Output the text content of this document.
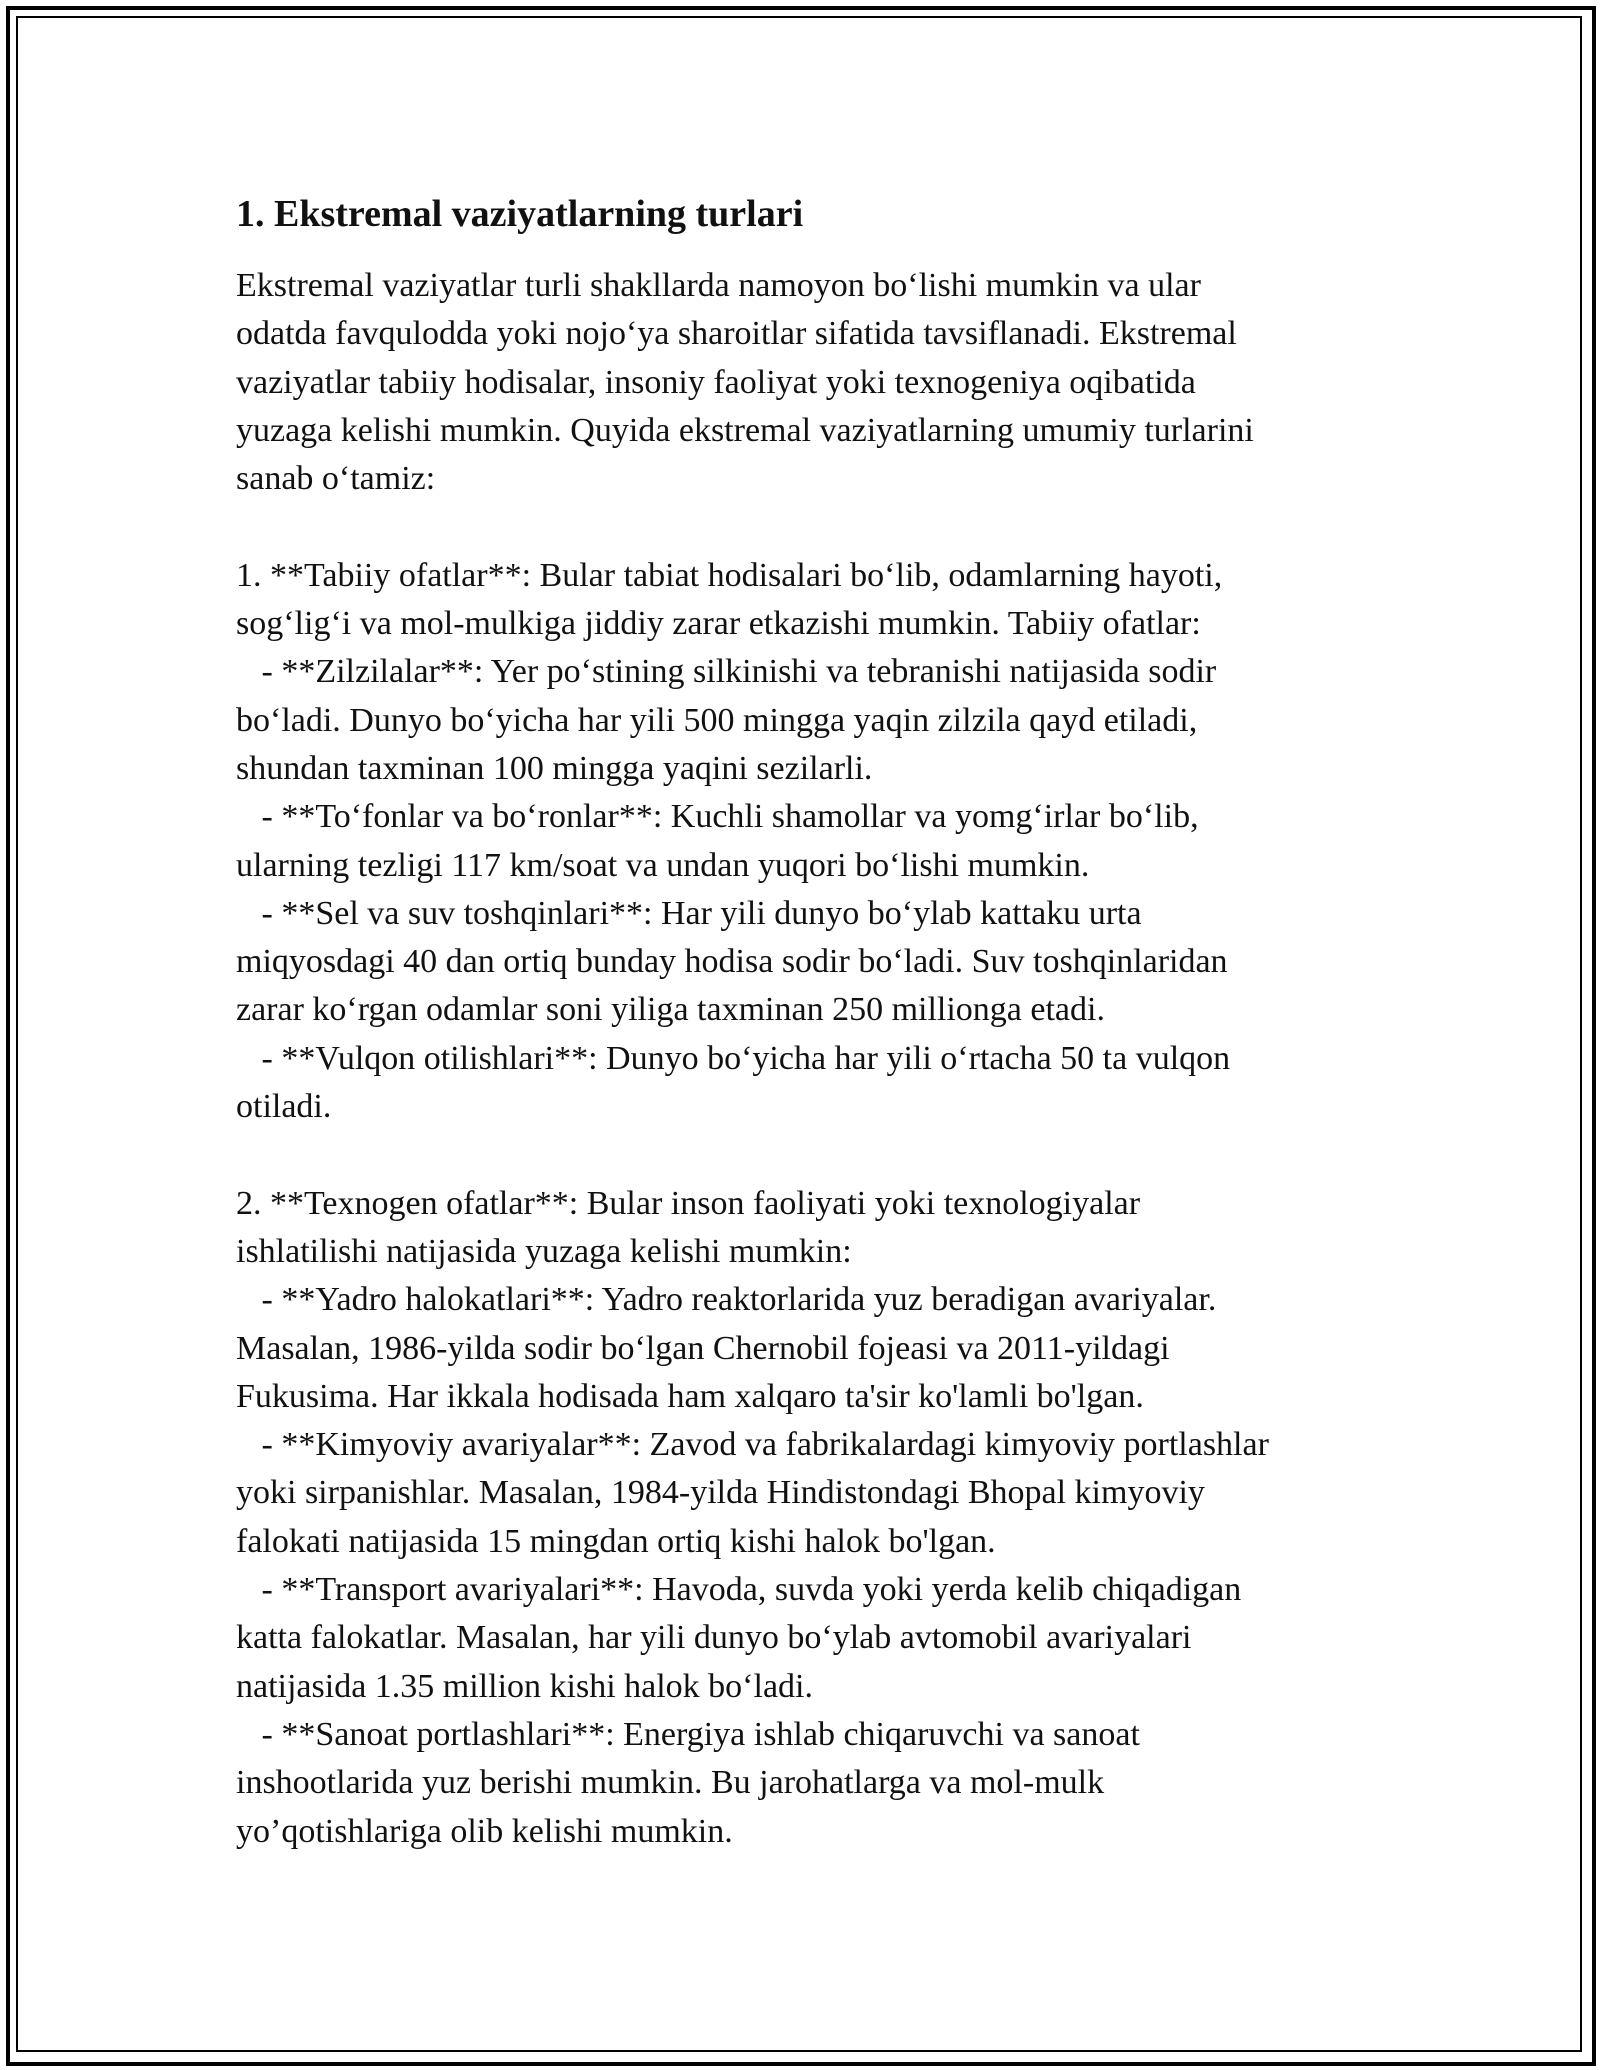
1. Ekstremal vaziyatlarning turlari
Ekstremal vaziyatlar turli shakllarda namoyon bo‘lishi mumkin va ular
odatda favqulodda yoki nojo‘ya sharoitlar sifatida tavsiflanadi. Ekstremal
vaziyatlar tabiiy hodisalar, insoniy faoliyat yoki texnogeniya oqibatida
yuzaga kelishi mumkin. Quyida ekstremal vaziyatlarning umumiy turlarini
sanab o‘tamiz:
1. **Tabiiy ofatlar**: Bular tabiat hodisalari bo‘lib, odamlarning hayoti,
sog‘lig‘i va mol-mulkiga jiddiy zarar etkazishi mumkin. Tabiiy ofatlar:
- **Zilzilalar**: Yer po‘stining silkinishi va tebranishi natijasida sodir
bo‘ladi. Dunyo bo‘yicha har yili 500 mingga yaqin zilzila qayd etiladi,
shundan taxminan 100 mingga yaqini sezilarli.
- **To‘fonlar va bo‘ronlar**: Kuchli shamollar va yomg‘irlar bo‘lib,
ularning tezligi 117 km/soat va undan yuqori bo‘lishi mumkin.
- **Sel va suv toshqinlari**: Har yili dunyo bo‘ylab kattaku urta
miqyosdagi 40 dan ortiq bunday hodisa sodir bo‘ladi. Suv toshqinlaridan
zarar ko‘rgan odamlar soni yiliga taxminan 250 millionga etadi.
- **Vulqon otilishlari**: Dunyo bo‘yicha har yili o‘rtacha 50 ta vulqon
otiladi.
2. **Texnogen ofatlar**: Bular inson faoliyati yoki texnologiyalar
ishlatilishi natijasida yuzaga kelishi mumkin:
- **Yadro halokatlari**: Yadro reaktorlarida yuz beradigan avariyalar.
Masalan, 1986-yilda sodir bo‘lgan Chernobil fojeasi va 2011-yildagi
Fukusima. Har ikkala hodisada ham xalqaro ta'sir ko'lamli bo'lgan.
- **Kimyoviy avariyalar**: Zavod va fabrikalardagi kimyoviy portlashlar
yoki sirpanishlar. Masalan, 1984-yilda Hindistondagi Bhopal kimyoviy
falokati natijasida 15 mingdan ortiq kishi halok bo'lgan.
- **Transport avariyalari**: Havoda, suvda yoki yerda kelib chiqadigan
katta falokatlar. Masalan, har yili dunyo bo‘ylab avtomobil avariyalari
natijasida 1.35 million kishi halok bo‘ladi.
- **Sanoat portlashlari**: Energiya ishlab chiqaruvchi va sanoat
inshootlarida yuz berishi mumkin. Bu jarohatlarga va mol-mulk
yo’qotishlariga olib kelishi mumkin.
